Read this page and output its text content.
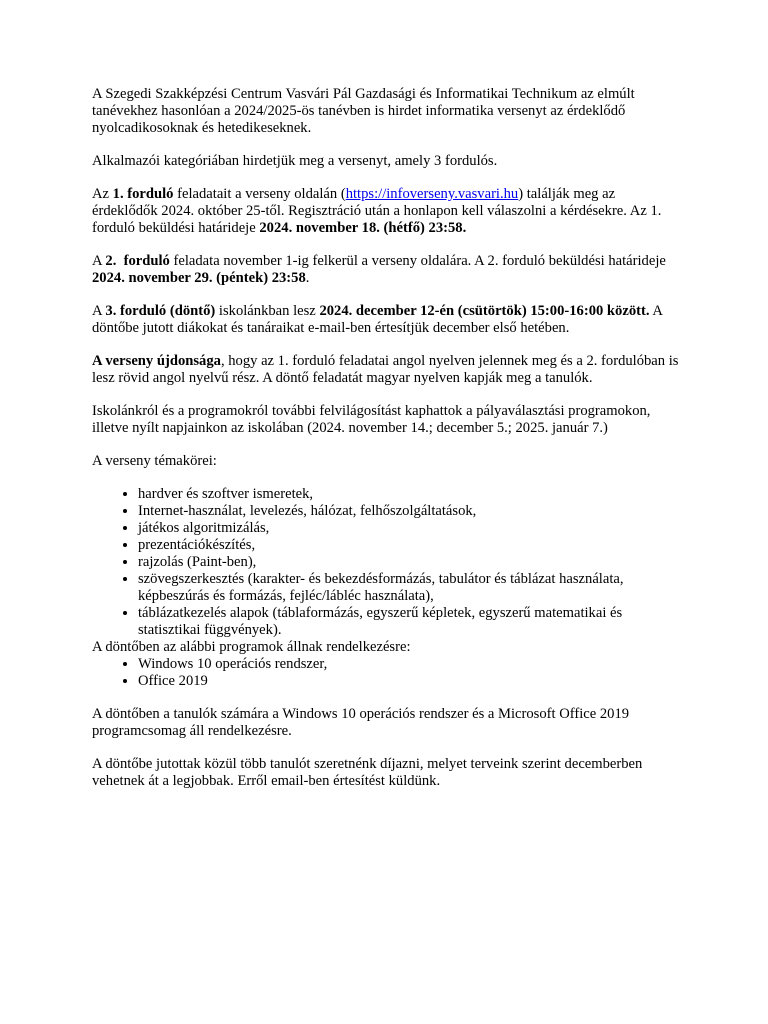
A Szegedi Szakképzési Centrum Vasvári Pál Gazdasági és Informatikai Technikum az elmúlt tanévekhez hasonlóan a 2024/2025-ös tanévben is hirdet informatika versenyt az érdeklődő nyolcadikosoknak és hetedikeseknek.

Alkalmazói kategóriában hirdetjük meg a versenyt, amely 3 fordulós.

Az 1. forduló feladatait a verseny oldalán (https://infoverseny.vasvari.hu) találják meg az érdeklődők 2024. október 25-től. Regisztráció után a honlapon kell válaszolni a kérdésekre. Az 1. forduló beküldési határideje 2024. november 18. (hétfő) 23:58.

A 2.  forduló feladata november 1-ig felkerül a verseny oldalára. A 2. forduló beküldési határideje 2024. november 29. (péntek) 23:58.

A 3. forduló (döntő) iskolánkban lesz 2024. december 12-én (csütörtök) 15:00-16:00 között. A döntőbe jutott diákokat és tanáraikat e-mail-ben értesítjük december első hetében.

A verseny újdonsága, hogy az 1. forduló feladatai angol nyelven jelennek meg és a 2. fordulóban is lesz rövid angol nyelvű rész. A döntő feladatát magyar nyelven kapják meg a tanulók.

Iskolánkról és a programokról további felvilágosítást kaphattok a pályaválasztási programokon, illetve nyílt napjainkon az iskolában (2024. november 14.; december 5.; 2025. január 7.)

A verseny témakörei:

• hardver és szoftver ismeretek,
• Internet-használat, levelezés, hálózat, felhőszolgáltatások,
• játékos algoritmizálás,
• prezentációkészítés,
• rajzolás (Paint-ben),
• szövegszerkesztés (karakter- és bekezdésformázás, tabulátor és táblázat használata, képbeszúrás és formázás, fejléc/lábléc használata),
• táblázatkezelés alapok (táblaformázás, egyszerű képletek, egyszerű matematikai és statisztikai függvények).

A döntőben az alábbi programok állnak rendelkezésre:

• Windows 10 operációs rendszer,
• Office 2019

A döntőben a tanulók számára a Windows 10 operációs rendszer és a Microsoft Office 2019 programcsomag áll rendelkezésre.

A döntőbe jutottak közül több tanulót szeretnénk díjazni, melyet terveink szerint decemberben vehetnek át a legjobbak. Erről email-ben értesítést küldünk.
